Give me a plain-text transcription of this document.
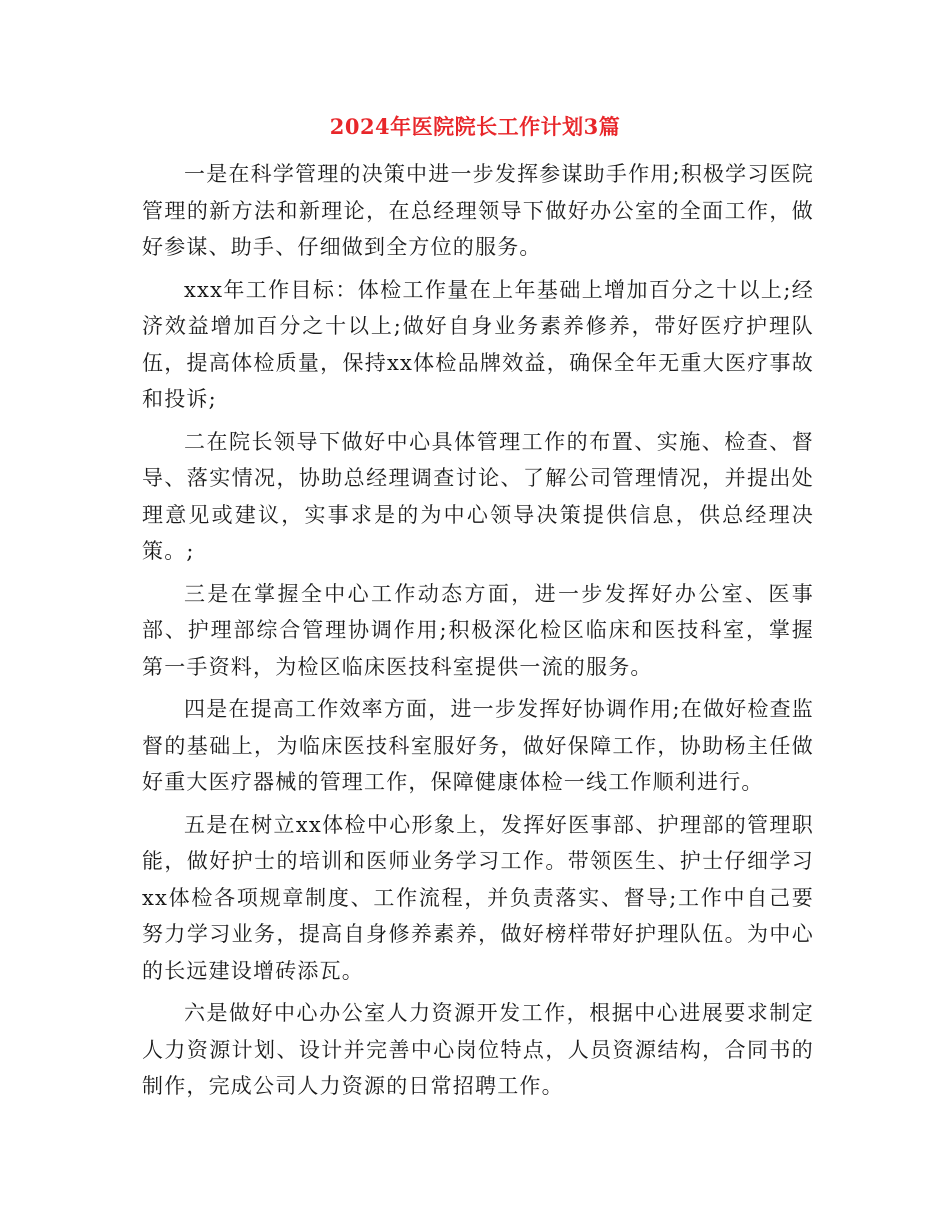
2024年医院院长工作计划3篇

一是在科学管理的决策中进一步发挥参谋助手作用;积极学习医院管理的新方法和新理论，在总经理领导下做好办公室的全面工作，做好参谋、助手、仔细做到全方位的服务。

xxx年工作目标：体检工作量在上年基础上增加百分之十以上;经济效益增加百分之十以上;做好自身业务素养修养，带好医疗护理队伍，提高体检质量，保持xx体检品牌效益，确保全年无重大医疗事故和投诉;

二在院长领导下做好中心具体管理工作的布置、实施、检查、督导、落实情况，协助总经理调查讨论、了解公司管理情况，并提出处理意见或建议，实事求是的为中心领导决策提供信息，供总经理决策。;

三是在掌握全中心工作动态方面，进一步发挥好办公室、医事部、护理部综合管理协调作用;积极深化检区临床和医技科室，掌握第一手资料，为检区临床医技科室提供一流的服务。

四是在提高工作效率方面，进一步发挥好协调作用;在做好检查监督的基础上，为临床医技科室服好务，做好保障工作，协助杨主任做好重大医疗器械的管理工作，保障健康体检一线工作顺利进行。

五是在树立xx体检中心形象上，发挥好医事部、护理部的管理职能，做好护士的培训和医师业务学习工作。带领医生、护士仔细学习xx体检各项规章制度、工作流程，并负责落实、督导;工作中自己要努力学习业务，提高自身修养素养，做好榜样带好护理队伍。为中心的长远建设增砖添瓦。

六是做好中心办公室人力资源开发工作，根据中心进展要求制定人力资源计划、设计并完善中心岗位特点，人员资源结构，合同书的制作，完成公司人力资源的日常招聘工作。
